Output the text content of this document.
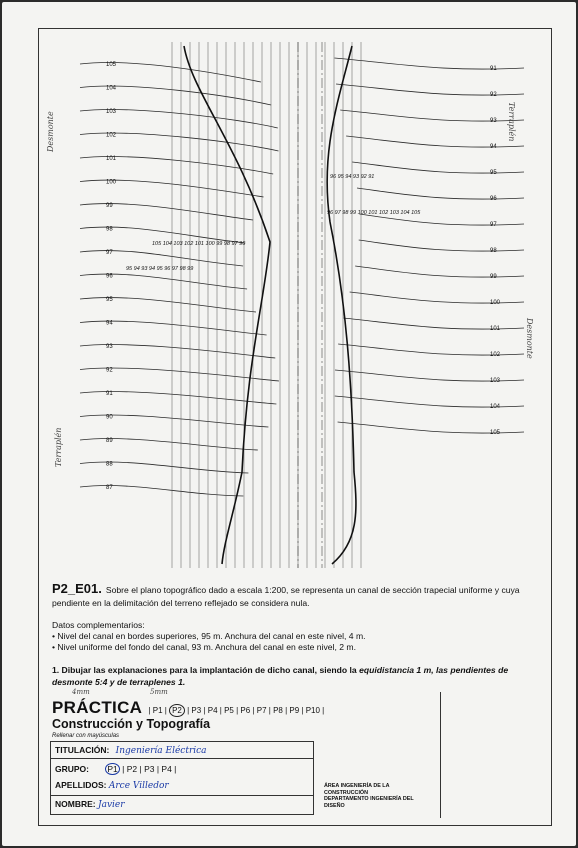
105
104
103
102
101
100
99
98
97
96
95
94
93
92
91
90
89
88
87
91
92
93
94
95
96
97
98
99
100
101
102
103
104
105
95 94 93 94 95 96 97 98 99
105 104 103 102 101 100 99 98 97 96
96 95 94 93 92 91
96 97 98 99 100 101 102 103 104 105
Desmonte	Terraplén
Terraplén
Desmonte
P2_E01. Sobre el plano topográfico dado a escala 1:200, se representa un canal de sección trapecial uniforme y cuya pendiente en la delimitación del terreno reflejado se considera nula.
Datos complementarios:
• Nivel del canal en bordes superiores, 95 m. Anchura del canal en este nivel, 4 m.
• Nivel uniforme del fondo del canal, 93 m. Anchura del canal en este nivel, 2 m.
1. Dibujar las explanaciones para la implantación de dicho canal, siendo la equidistancia 1 m, las pendientes de desmonte 5:4 y de terraplenes 1.
4mm	5mm
PRÁCTICA | P1 | P2 | P3 | P4 | P5 | P6 | P7 | P8 | P9 | P10 |
Construcción y Topografía
Rellenar con mayúsculas
TITULACIÓN: Ingeniería Eléctrica
GRUPO: P1 | P2 | P3 | P4 |
APELLIDOS: Arce Villedor
NOMBRE: Javier
ÁREA INGENIERÍA DE LA
CONSTRUCCIÓN
DEPARTAMENTO INGENIERÍA DEL
DISEÑO
